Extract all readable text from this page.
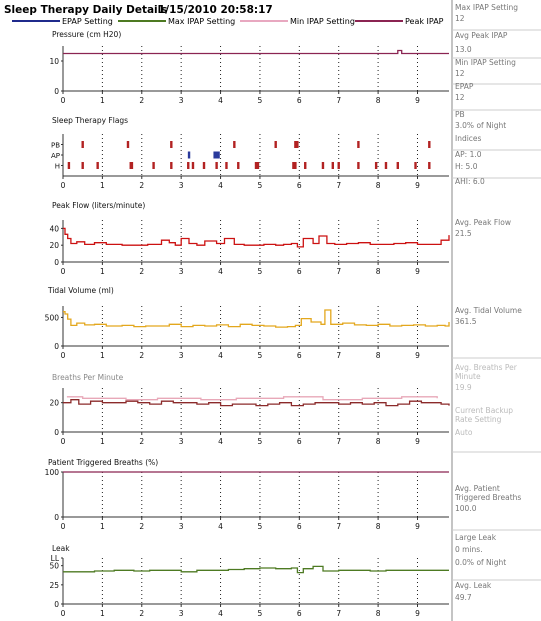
Sleep Therapy Daily Details
1/15/2010 20:58:17
EPAP Setting	Max IPAP Setting	Min IPAP Setting	Peak IPAP
Pressure (cm H20)
0	1	2	3	4	5	6	7	8	9
0
10
Sleep Therapy Flags
0	1	2	3	4	5	6	7	8	9
PB
AP
H
Peak Flow (liters/minute)
0	1	2	3	4	5	6	7	8	9
0
20
40
Tidal Volume (ml)
0	1	2	3	4	5	6	7	8	9
0
500
Breaths Per Minute
0	1	2	3	4	5	6	7	8	9
0
20
Patient Triggered Breaths (%)
0	1	2	3	4	5	6	7	8	9
0
100
Leak
0	1	2	3	4	5	6	7	8	9
0
25
50
LL
Max IPAP Setting
12
Avg Peak IPAP
13.0
Min IPAP Setting
12
EPAP
12
PB
3.0% of Night
Indices
AP: 1.0
H: 5.0
AHI: 6.0
Avg. Peak Flow
21.5
Avg. Tidal Volume
361.5
Avg. Breaths Per Minute
19.9
Current Backup Rate Setting
Auto
Avg. Patient Triggered Breaths
100.0
Large Leak
0 mins.
0.0% of Night
Avg. Leak
49.7
